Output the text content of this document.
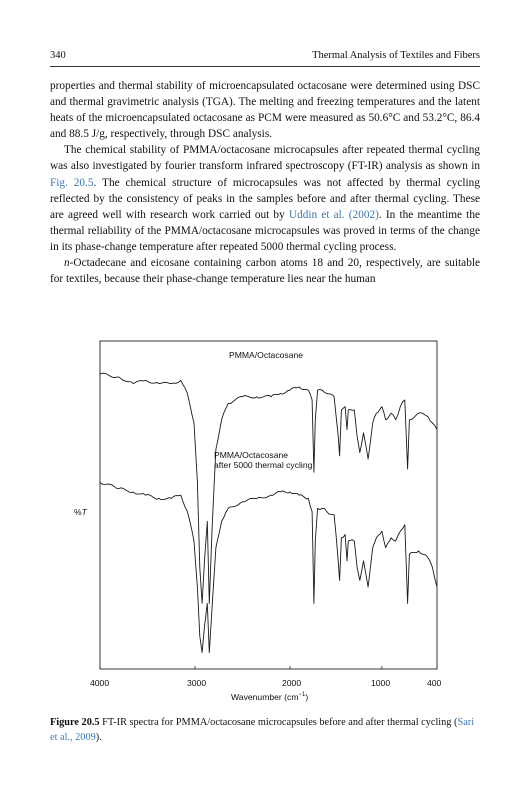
340	Thermal Analysis of Textiles and Fibers

properties and thermal stability of microencapsulated octacosane were determined using DSC and thermal gravimetric analysis (TGA). The melting and freezing temperatures and the latent heats of the microencapsulated octacosane as PCM were measured as 50.6°C and 53.2°C, 86.4 and 88.5 J/g, respectively, through DSC analysis.

The chemical stability of PMMA/octacosane microcapsules after repeated thermal cycling was also investigated by fourier transform infrared spectroscopy (FT-IR) analysis as shown in Fig. 20.5. The chemical structure of microcapsules was not affected by thermal cycling reflected by the consistency of peaks in the samples before and after thermal cycling. These are agreed well with research work carried out by Uddin et al. (2002). In the meantime the thermal reliability of the PMMA/octacosane microcapsules was proved in terms of the change in its phase-change temperature after repeated 5000 thermal cycling process.

n-Octadecane and eicosane containing carbon atoms 18 and 20, respectively, are suitable for textiles, because their phase-change temperature lies near the human

PMMA/Octacosane
PMMA/Octacosane
after 5000 thermal cycling
%T
4000	3000	2000	1000	400
Wavenumber $(cm^{-1})$
Figure 20.5 FT-IR spectra for PMMA/octacosane microcapsules before and after thermal cycling (Sari et al., 2009).
